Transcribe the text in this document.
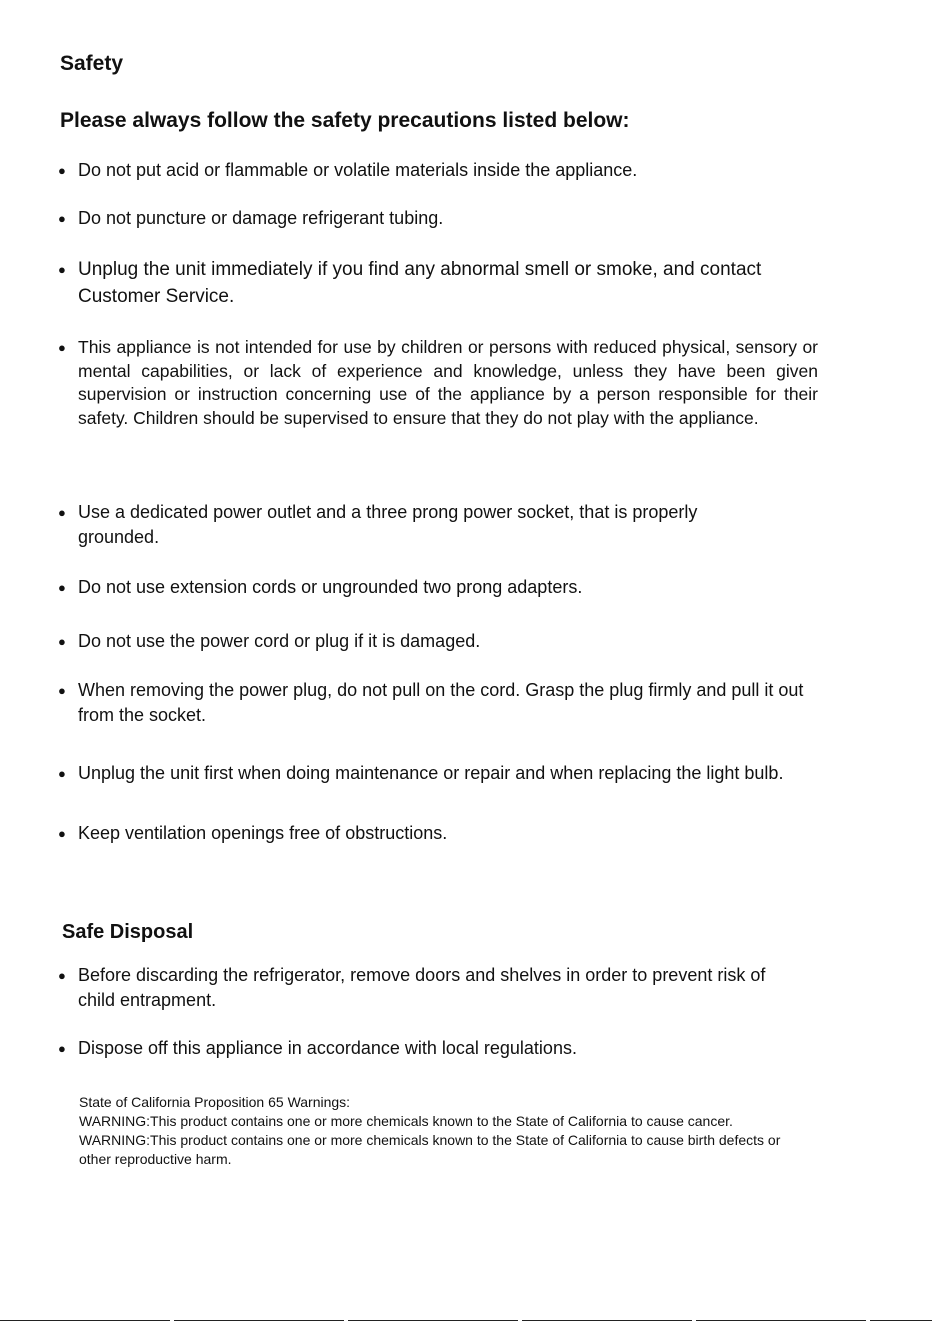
Safety
Please always follow the safety precautions listed below:
● Do not put acid or flammable or volatile materials inside the appliance.
● Do not puncture or damage refrigerant tubing.
● Unplug the unit immediately if you find any abnormal smell or smoke, and contact Customer Service.
● This appliance is not intended for use by children or persons with reduced physical, sensory or mental capabilities, or lack of experience and knowledge, unless they have been given supervision or instruction concerning use of the appliance by a person responsible for their safety. Children should be supervised to ensure that they do not play with the appliance.
● Use a dedicated power outlet and a three prong power socket, that is properly grounded.
● Do not use extension cords or ungrounded two prong adapters.
● Do not use the power cord or plug if it is damaged.
● When removing the power plug, do not pull on the cord. Grasp the plug firmly and pull it out from the socket.
● Unplug the unit first when doing maintenance or repair and when replacing the light bulb.
● Keep ventilation openings free of obstructions.
Safe Disposal
● Before discarding the refrigerator, remove doors and shelves in order to prevent risk of child entrapment.
● Dispose off this appliance in accordance with local regulations.
State of California Proposition 65 Warnings:
WARNING:This product contains one or more chemicals known to the State of California to cause cancer.
WARNING:This product contains one or more chemicals known to the State of California to cause birth defects or
other reproductive harm.
